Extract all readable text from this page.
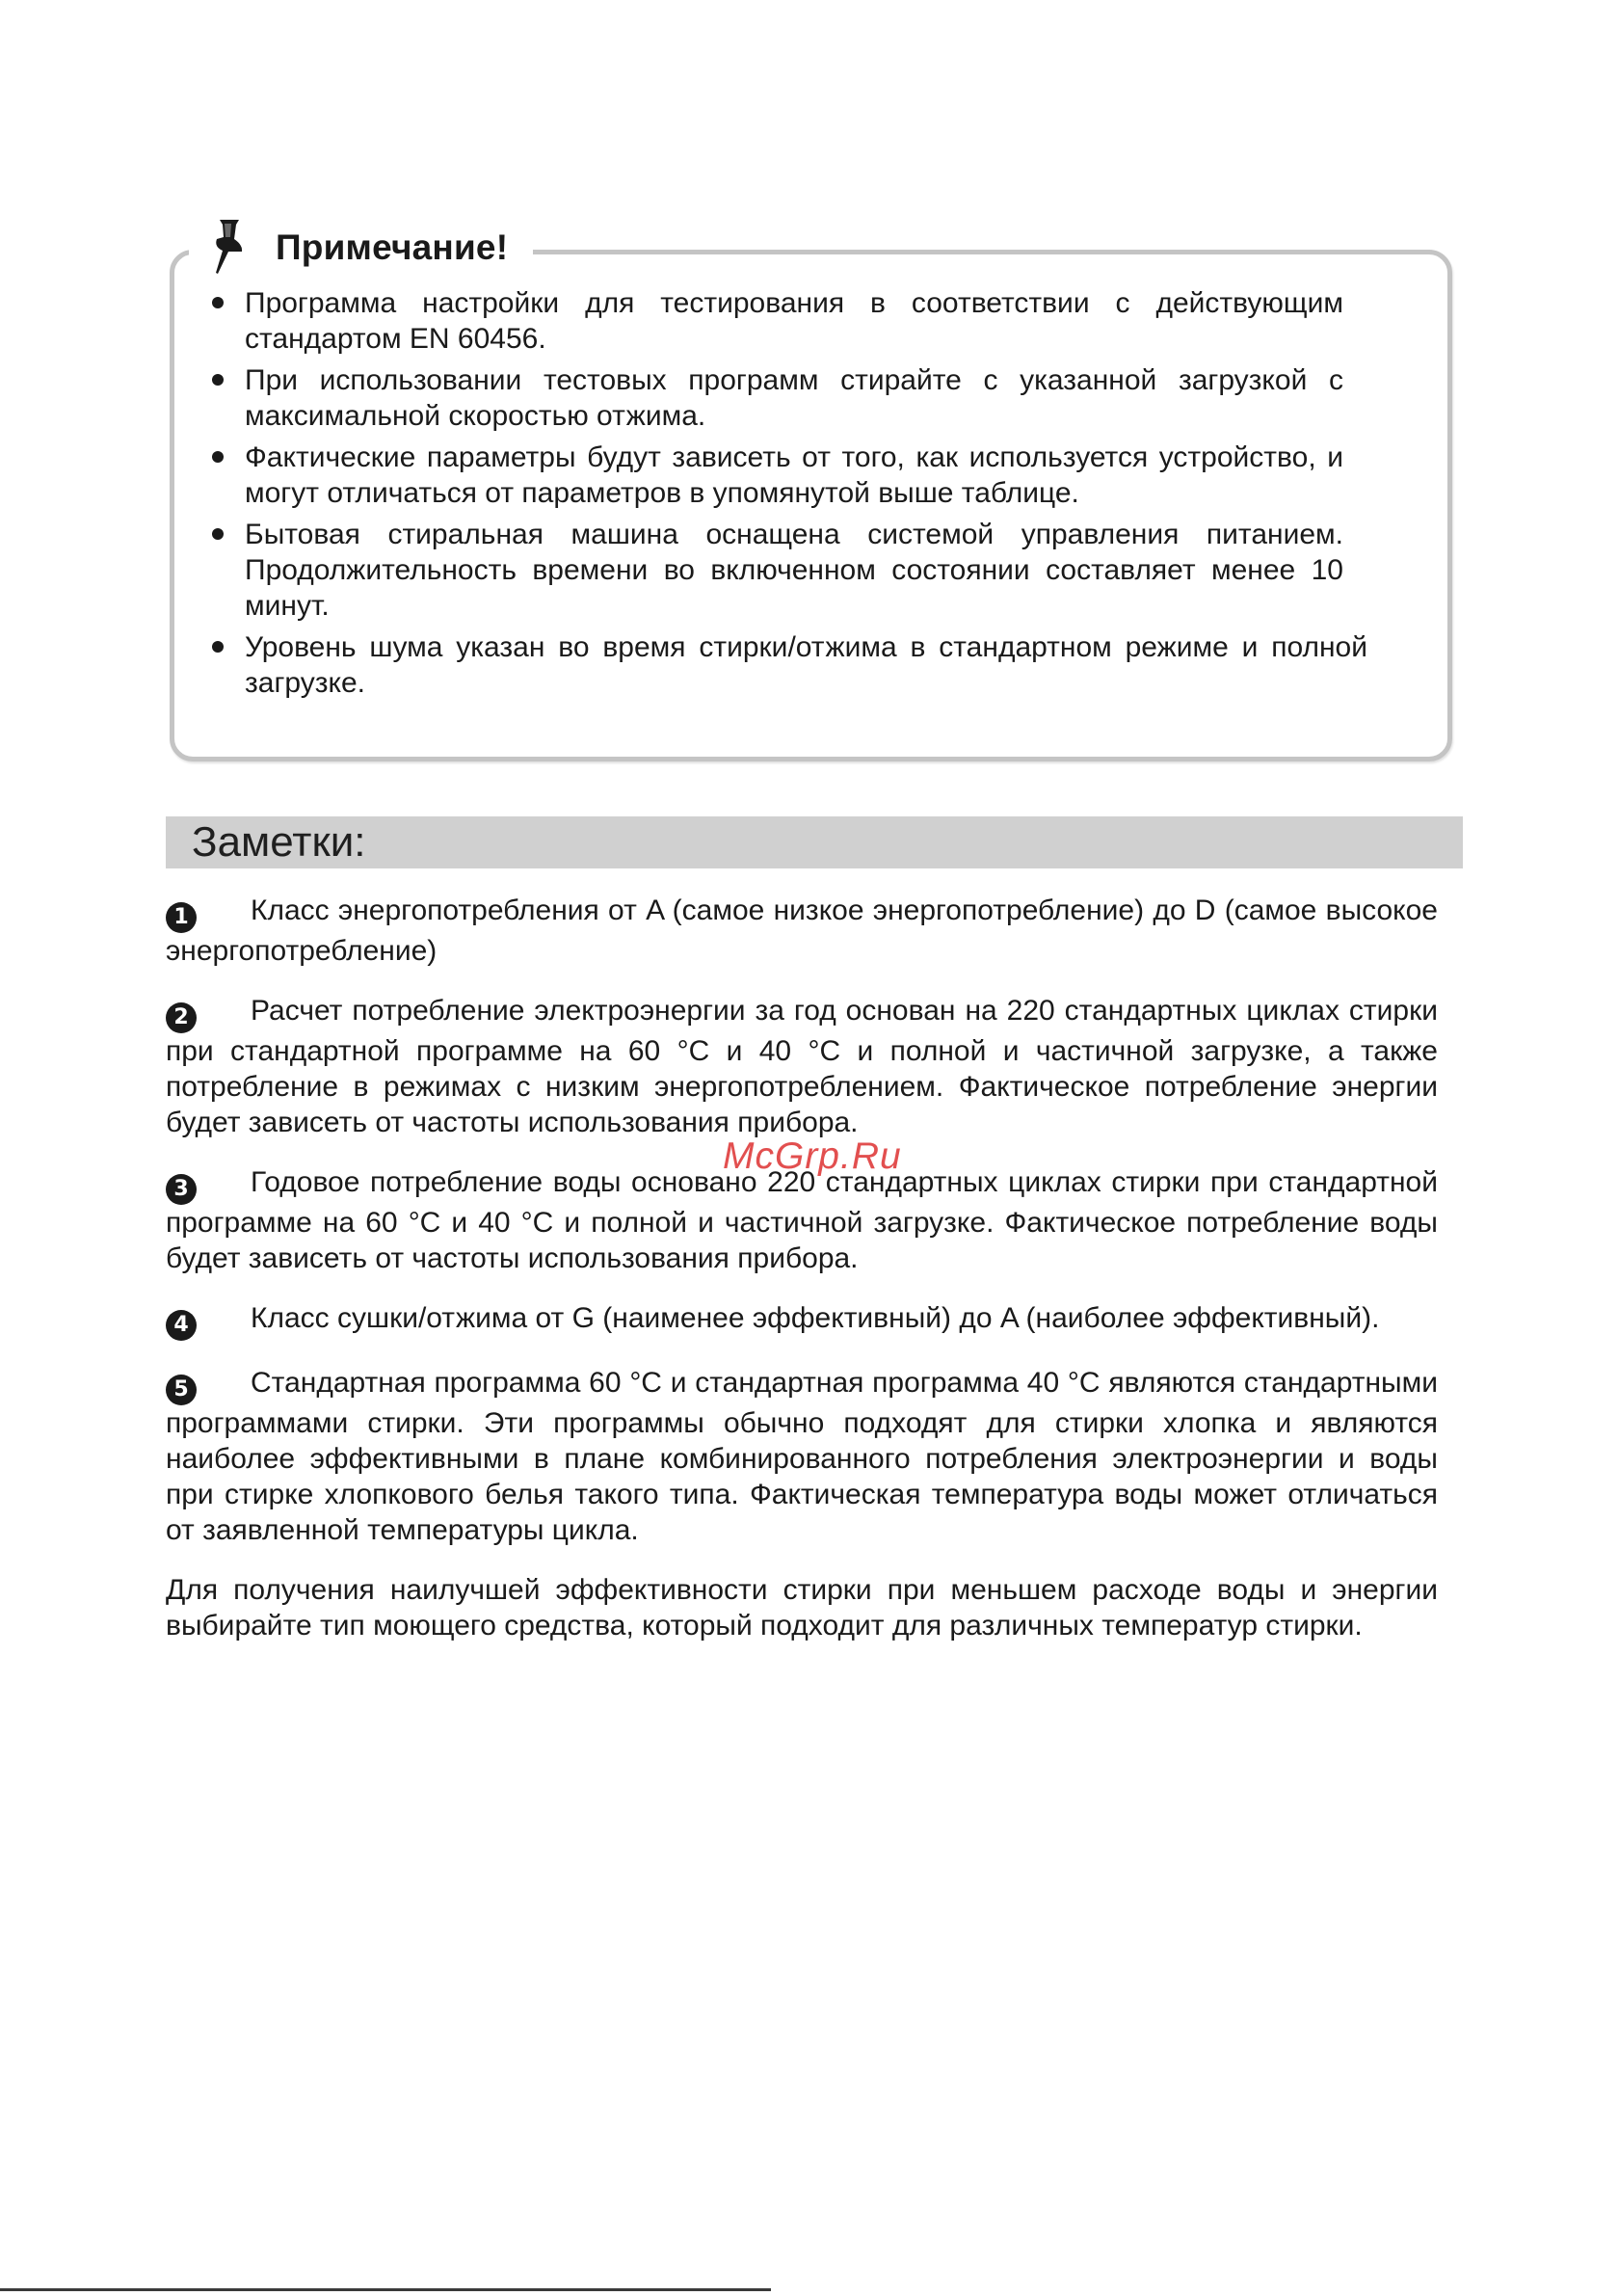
Примечание!
Программа настройки для тестирования в соответствии с действующим стандартом EN 60456.
При использовании тестовых программ стирайте с указанной загрузкой с максимальной скоростью отжима.
Фактические параметры будут зависеть от того, как используется устройство, и могут отличаться от параметров в упомянутой выше таблице.
Бытовая стиральная машина оснащена системой управления питанием. Продолжительность времени во включенном состоянии составляет менее 10 минут.
Уровень шума указан во время стирки/отжима в стандартном режиме и полной загрузке.
Заметки:

1 Класс энергопотребления от A (самое низкое энергопотребление) до D (самое высокое энергопотребление)

2 Расчет потребление электроэнергии за год основан на 220 стандартных циклах стирки при стандартной программе на 60 °C и 40 °C и полной и частичной загрузке, а также потребление в режимах с низким энергопотреблением. Фактическое потребление энергии будет зависеть от частоты использования прибора.

3 Годовое потребление воды основано 220 стандартных циклах стирки при стандартной программе на 60 °C и 40 °C и полной и частичной загрузке. Фактическое потребление воды будет зависеть от частоты использования прибора.

4 Класс сушки/отжима от G (наименее эффективный) до A (наиболее эффективный).

5 Стандартная программа 60 °C и стандартная программа 40 °C являются стандартными программами стирки. Эти программы обычно подходят для стирки хлопка и являются наиболее эффективными в плане комбинированного потребления электроэнергии и воды при стирке хлопкового белья такого типа. Фактическая температура воды может отличаться от заявленной температуры цикла.

Для получения наилучшей эффективности стирки при меньшем расходе воды и энергии выбирайте тип моющего средства, который подходит для различных температур стирки.

McGrp.Ru
